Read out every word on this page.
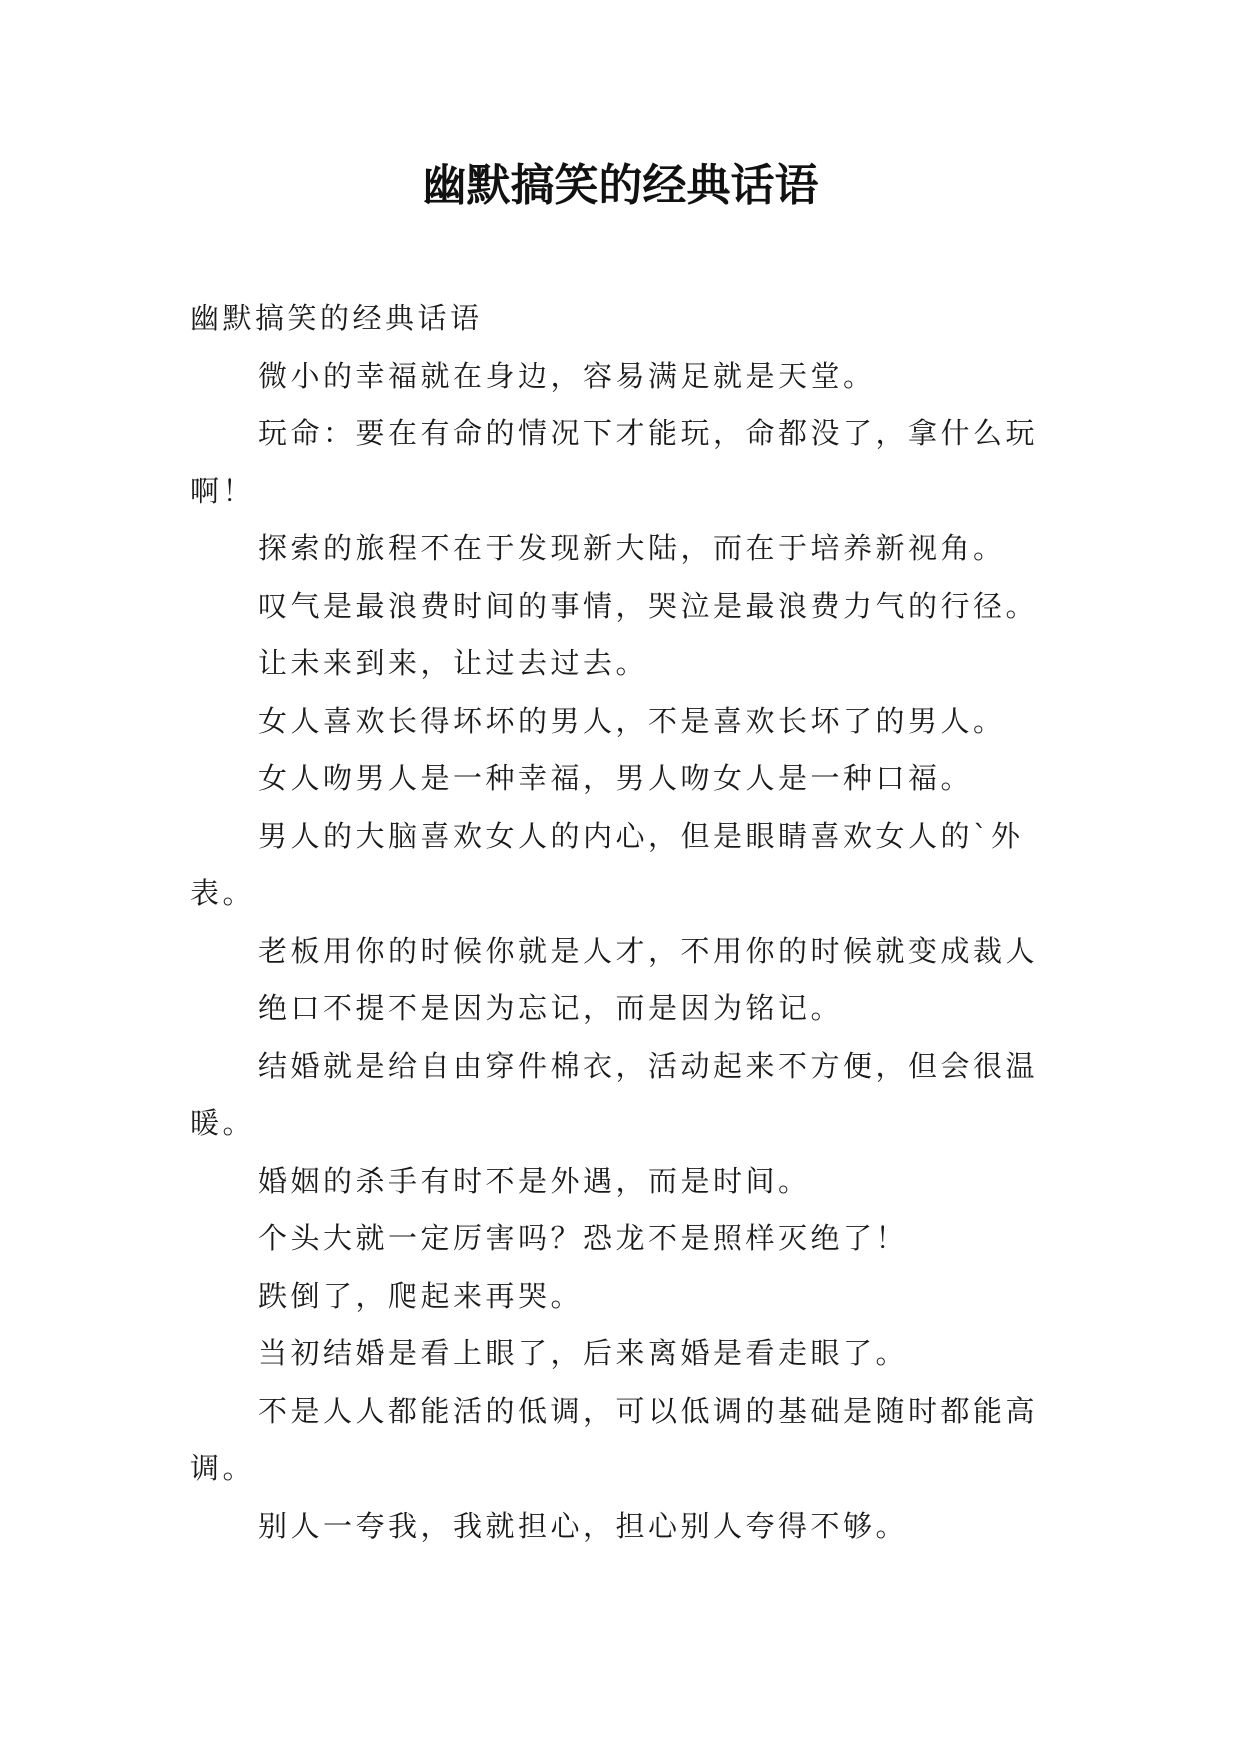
幽默搞笑的经典话语

幽默搞笑的经典话语

微小的幸福就在身边，容易满足就是天堂。

玩命：要在有命的情况下才能玩，命都没了，拿什么玩啊！

探索的旅程不在于发现新大陆，而在于培养新视角。

叹气是最浪费时间的事情，哭泣是最浪费力气的行径。

让未来到来，让过去过去。

女人喜欢长得坏坏的男人，不是喜欢长坏了的男人。

女人吻男人是一种幸福，男人吻女人是一种口福。

男人的大脑喜欢女人的内心，但是眼睛喜欢女人的`外表。

老板用你的时候你就是人才，不用你的时候就变成裁人

绝口不提不是因为忘记，而是因为铭记。

结婚就是给自由穿件棉衣，活动起来不方便，但会很温暖。

婚姻的杀手有时不是外遇，而是时间。

个头大就一定厉害吗？恐龙不是照样灭绝了！

跌倒了，爬起来再哭。

当初结婚是看上眼了，后来离婚是看走眼了。

不是人人都能活的低调，可以低调的基础是随时都能高调。

别人一夸我，我就担心，担心别人夸得不够。
